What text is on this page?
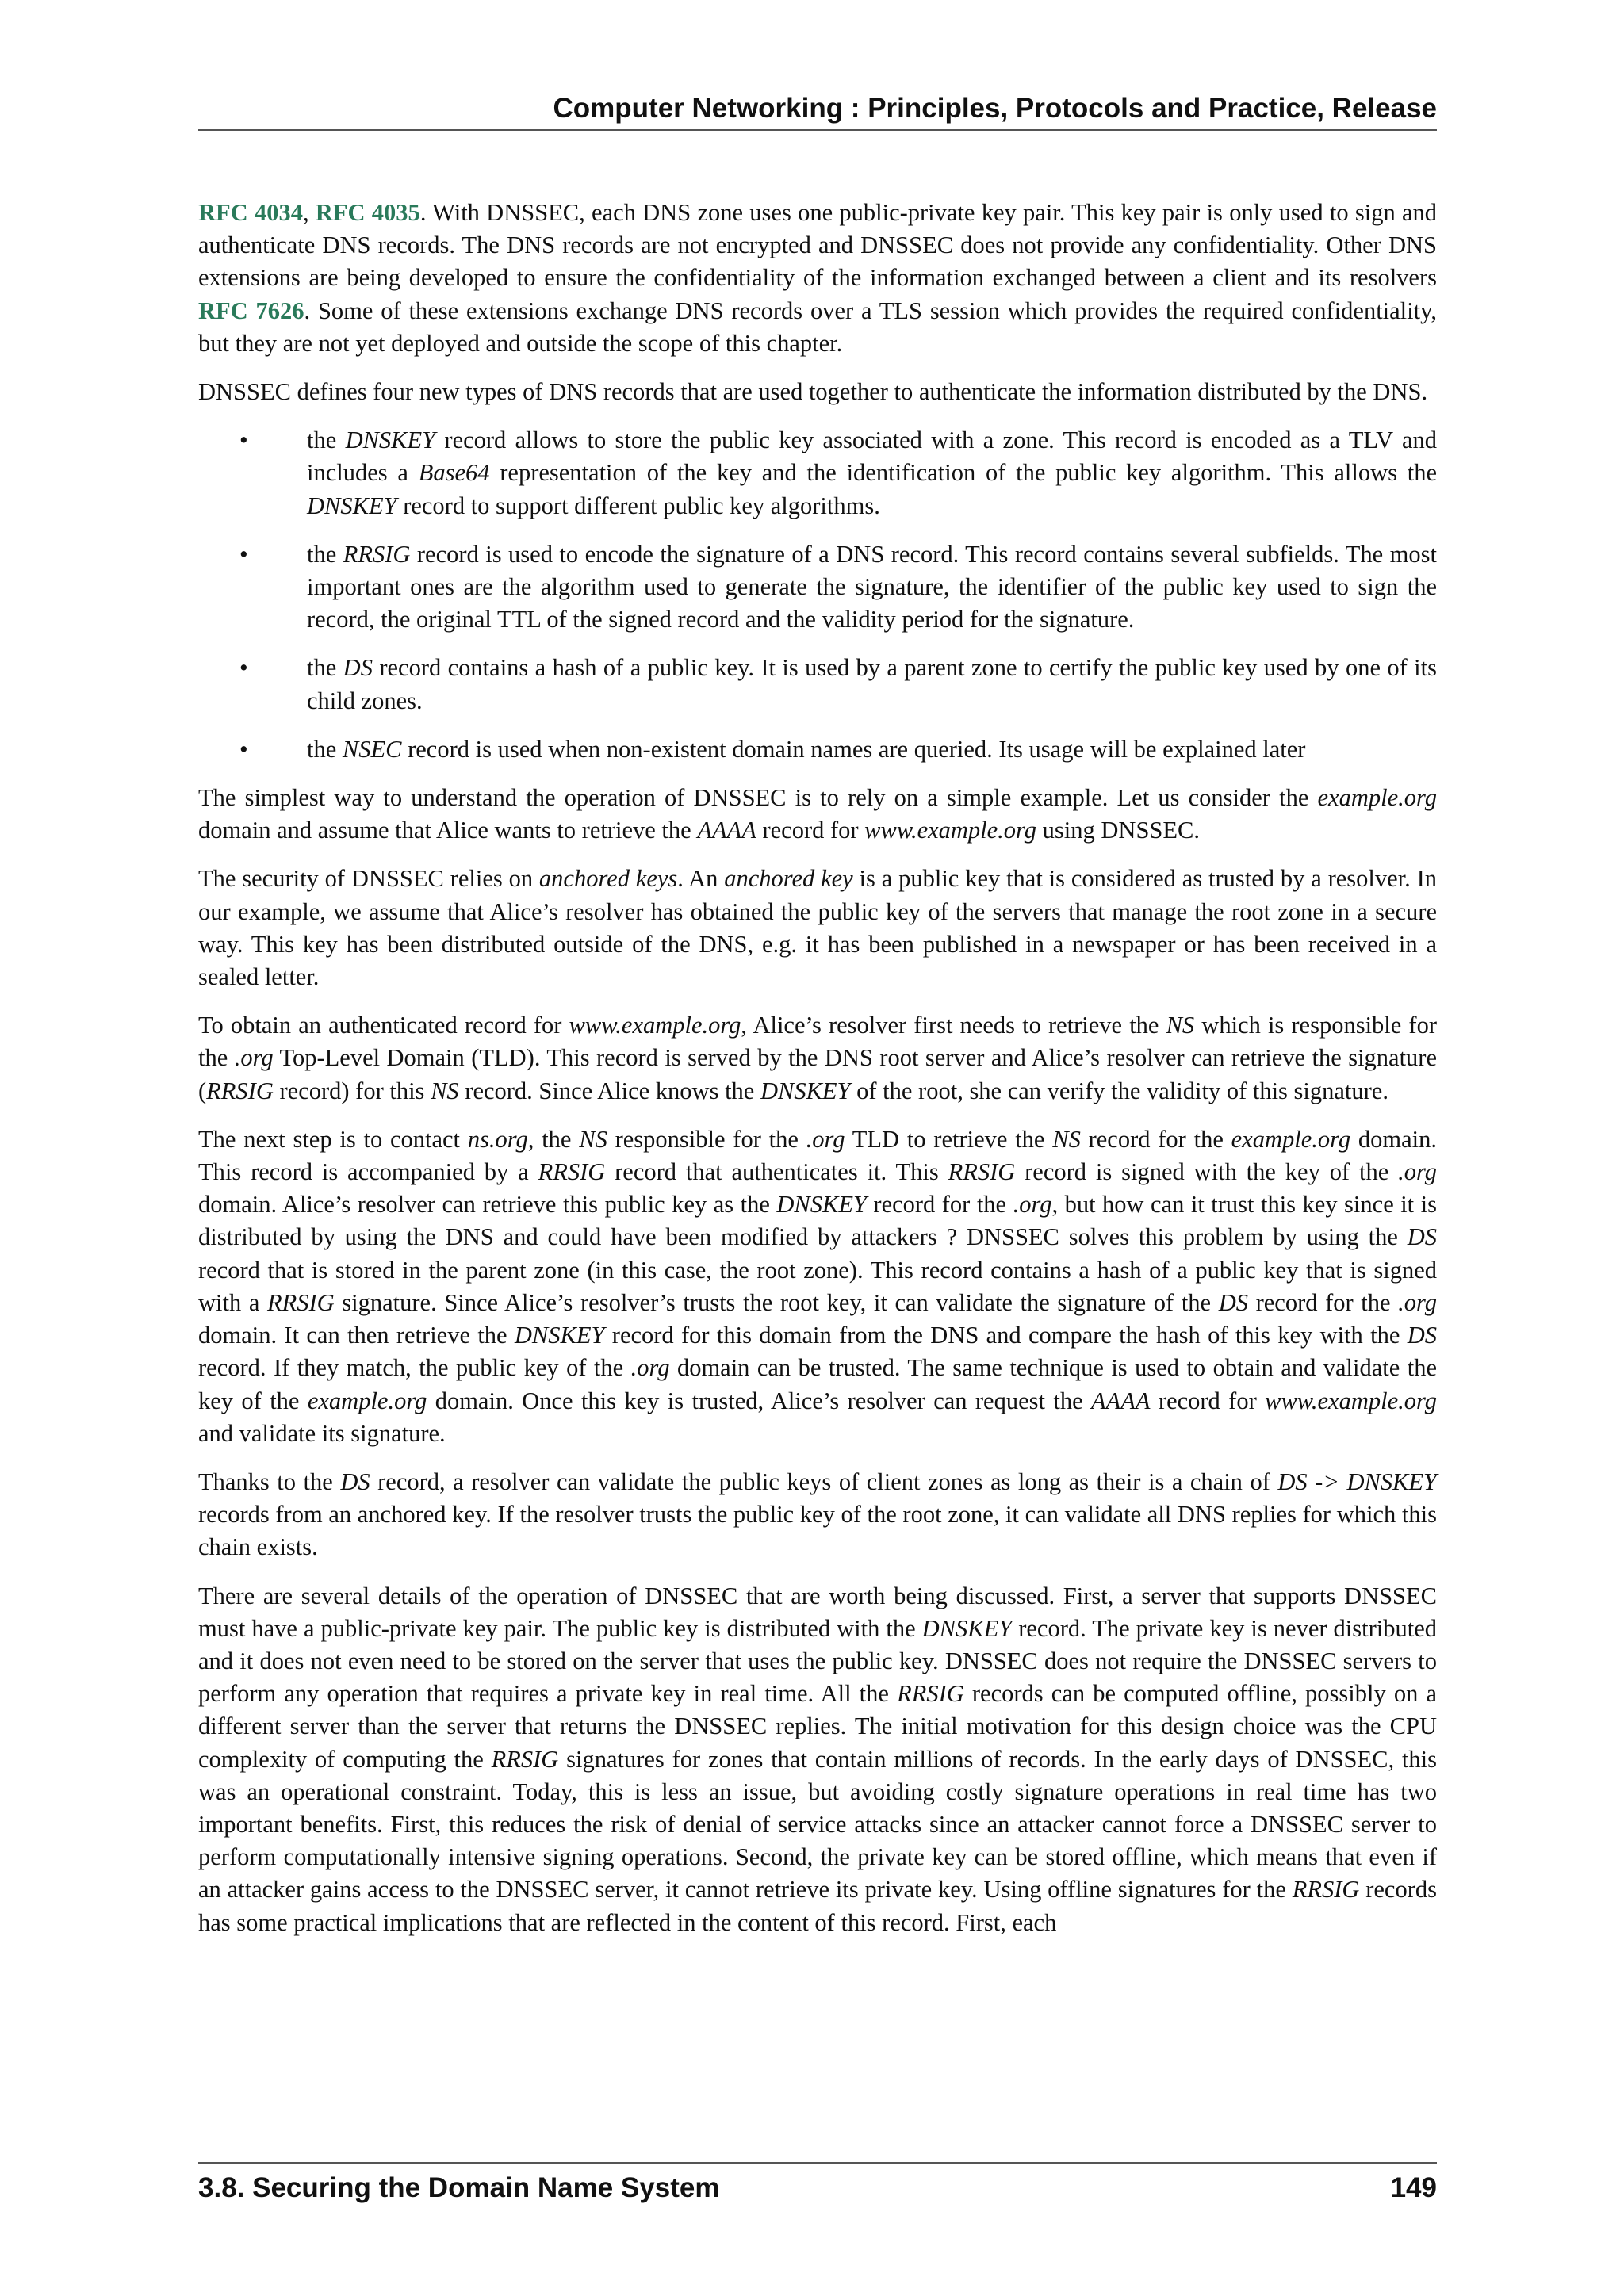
Computer Networking : Principles, Protocols and Practice, Release

RFC 4034, RFC 4035. With DNSSEC, each DNS zone uses one public-private key pair. This key pair is only used to sign and authenticate DNS records. The DNS records are not encrypted and DNSSEC does not provide any confidentiality. Other DNS extensions are being developed to ensure the confidentiality of the information exchanged between a client and its resolvers RFC 7626. Some of these extensions exchange DNS records over a TLS session which provides the required confidentiality, but they are not yet deployed and outside the scope of this chapter.

DNSSEC defines four new types of DNS records that are used together to authenticate the information distributed by the DNS.

• the DNSKEY record allows to store the public key associated with a zone. This record is encoded as a TLV and includes a Base64 representation of the key and the identification of the public key algorithm. This allows the DNSKEY record to support different public key algorithms.
• the RRSIG record is used to encode the signature of a DNS record. This record contains several subfields. The most important ones are the algorithm used to generate the signature, the identifier of the public key used to sign the record, the original TTL of the signed record and the validity period for the signature.
• the DS record contains a hash of a public key. It is used by a parent zone to certify the public key used by one of its child zones.
• the NSEC record is used when non-existent domain names are queried. Its usage will be explained later

The simplest way to understand the operation of DNSSEC is to rely on a simple example. Let us consider the example.org domain and assume that Alice wants to retrieve the AAAA record for www.example.org using DNSSEC.

The security of DNSSEC relies on anchored keys. An anchored key is a public key that is considered as trusted by a resolver. In our example, we assume that Alice’s resolver has obtained the public key of the servers that manage the root zone in a secure way. This key has been distributed outside of the DNS, e.g. it has been published in a newspaper or has been received in a sealed letter.

To obtain an authenticated record for www.example.org, Alice’s resolver first needs to retrieve the NS which is responsible for the .org Top-Level Domain (TLD). This record is served by the DNS root server and Alice’s resolver can retrieve the signature (RRSIG record) for this NS record. Since Alice knows the DNSKEY of the root, she can verify the validity of this signature.

The next step is to contact ns.org, the NS responsible for the .org TLD to retrieve the NS record for the example.org domain. This record is accompanied by a RRSIG record that authenticates it. This RRSIG record is signed with the key of the .org domain. Alice’s resolver can retrieve this public key as the DNSKEY record for the .org, but how can it trust this key since it is distributed by using the DNS and could have been modified by attackers ? DNSSEC solves this problem by using the DS record that is stored in the parent zone (in this case, the root zone). This record contains a hash of a public key that is signed with a RRSIG signature. Since Alice’s resolver’s trusts the root key, it can validate the signature of the DS record for the .org domain. It can then retrieve the DNSKEY record for this domain from the DNS and compare the hash of this key with the DS record. If they match, the public key of the .org domain can be trusted. The same technique is used to obtain and validate the key of the example.org domain. Once this key is trusted, Alice’s resolver can request the AAAA record for www.example.org and validate its signature.

Thanks to the DS record, a resolver can validate the public keys of client zones as long as their is a chain of DS -> DNSKEY records from an anchored key. If the resolver trusts the public key of the root zone, it can validate all DNS replies for which this chain exists.

There are several details of the operation of DNSSEC that are worth being discussed. First, a server that supports DNSSEC must have a public-private key pair. The public key is distributed with the DNSKEY record. The private key is never distributed and it does not even need to be stored on the server that uses the public key. DNSSEC does not require the DNSSEC servers to perform any operation that requires a private key in real time. All the RRSIG records can be computed offline, possibly on a different server than the server that returns the DNSSEC replies. The initial motivation for this design choice was the CPU complexity of computing the RRSIG signatures for zones that contain millions of records. In the early days of DNSSEC, this was an operational constraint. Today, this is less an issue, but avoiding costly signature operations in real time has two important benefits. First, this reduces the risk of denial of service attacks since an attacker cannot force a DNSSEC server to perform computationally intensive signing operations. Second, the private key can be stored offline, which means that even if an attacker gains access to the DNSSEC server, it cannot retrieve its private key. Using offline signatures for the RRSIG records has some practical implications that are reflected in the content of this record. First, each

3.8. Securing the Domain Name System	149
